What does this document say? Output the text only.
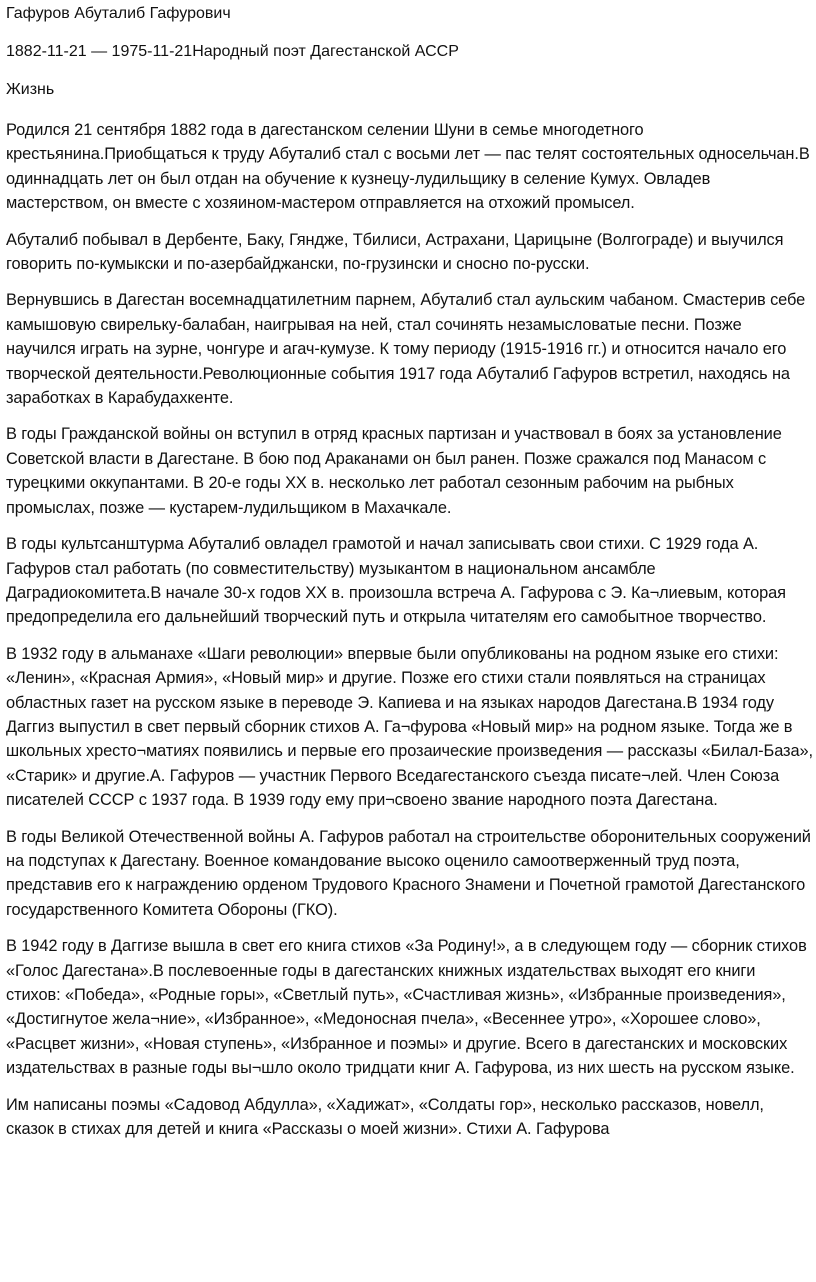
Гафуров Абуталиб Гафурович

1882-11-21 — 1975-11-21Народный поэт Дагестанской АССР

Жизнь

Родился 21 сентября 1882 года в дагестанском селении Шуни в семье многодетного крестьянина.Приобщаться к труду Абуталиб стал с восьми лет — пас телят состоятельных односельчан.В одиннадцать лет он был отдан на обучение к кузнецу-лудильщику в селение Кумух. Овладев мастерством, он вместе с хозяином-мастером отправляется на отхожий промысел.

Абуталиб побывал в Дербенте, Баку, Гяндже, Тбилиси, Астрахани, Царицыне (Волгограде) и выучился говорить по-кумыкски и по-азербайджански, по-грузински и сносно по-русски.

Вернувшись в Дагестан восемнадцатилетним парнем, Абуталиб стал аульским чабаном. Смастерив себе камышовую свирельку-балабан, наигрывая на ней, стал сочинять незамысловатые песни. Позже научился играть на зурне, чонгуре и агач-кумузе. К тому периоду (1915-1916 гг.) и относится начало его творческой деятельности.Революционные события 1917 года Абуталиб Гафуров встретил, находясь на заработках в Карабудахкенте.

В годы Гражданской войны он вступил в отряд красных партизан и участвовал в боях за установление Советской власти в Дагестане. В бою под Араканами он был ранен. Позже сражался под Манасом с турецкими оккупантами. В 20-е годы XX в. несколько лет работал сезонным рабочим на рыбных промыслах, позже — кустарем-лудильщиком в Махачкале.

В годы культсанштурма Абуталиб овладел грамотой и начал записывать свои стихи. С 1929 года А. Гафуров стал работать (по совместительству) музыкантом в национальном ансамбле Даградиокомитета.В начале 30-х годов XX в. произошла встреча А. Гафурова с Э. Ка¬лиевым, которая предопределила его дальнейший творческий путь и открыла читателям его самобытное творчество.

В 1932 году в альманахе «Шаги революции» впервые были опубликованы на родном языке его стихи: «Ленин», «Красная Армия», «Новый мир» и другие. Позже его стихи стали появляться на страницах областных газет на русском языке в переводе Э. Капиева и на языках народов Дагестана.В 1934 году Даггиз выпустил в свет первый сборник стихов А. Га¬фурова «Новый мир» на родном языке. Тогда же в школьных хресто¬матиях появились и первые его прозаические произведения — рассказы «Билал-База», «Старик» и другие.А. Гафуров — участник Первого Вседагестанского съезда писате¬лей. Член Союза писателей СССР с 1937 года. В 1939 году ему при¬своено звание народного поэта Дагестана.

В годы Великой Отечественной войны А. Гафуров работал на строительстве оборонительных сооружений на подступах к Дагестану. Военное командование высоко оценило самоотверженный труд поэта, представив его к награждению орденом Трудового Красного Знамени и Почетной грамотой Дагестанского государственного Комитета Обороны (ГКО).

В 1942 году в Даггизе вышла в свет его книга стихов «За Родину!», а в следующем году — сборник стихов «Голос Дагестана».В послевоенные годы в дагестанских книжных издательствах выходят его книги стихов: «Победа», «Родные горы», «Светлый путь», «Счастливая жизнь», «Избранные произведения», «Достигнутое жела¬ние», «Избранное», «Медоносная пчела», «Весеннее утро», «Хорошее слово», «Расцвет жизни», «Новая ступень», «Избранное и поэмы» и другие. Всего в дагестанских и московских издательствах в разные годы вы¬шло около тридцати книг А. Гафурова, из них шесть на русском языке.

Им написаны поэмы «Садовод Абдулла», «Хадижат», «Солдаты гор», несколько рассказов, новелл, сказок в стихах для детей и книга «Рассказы о моей жизни». Стихи А. Гафурова
